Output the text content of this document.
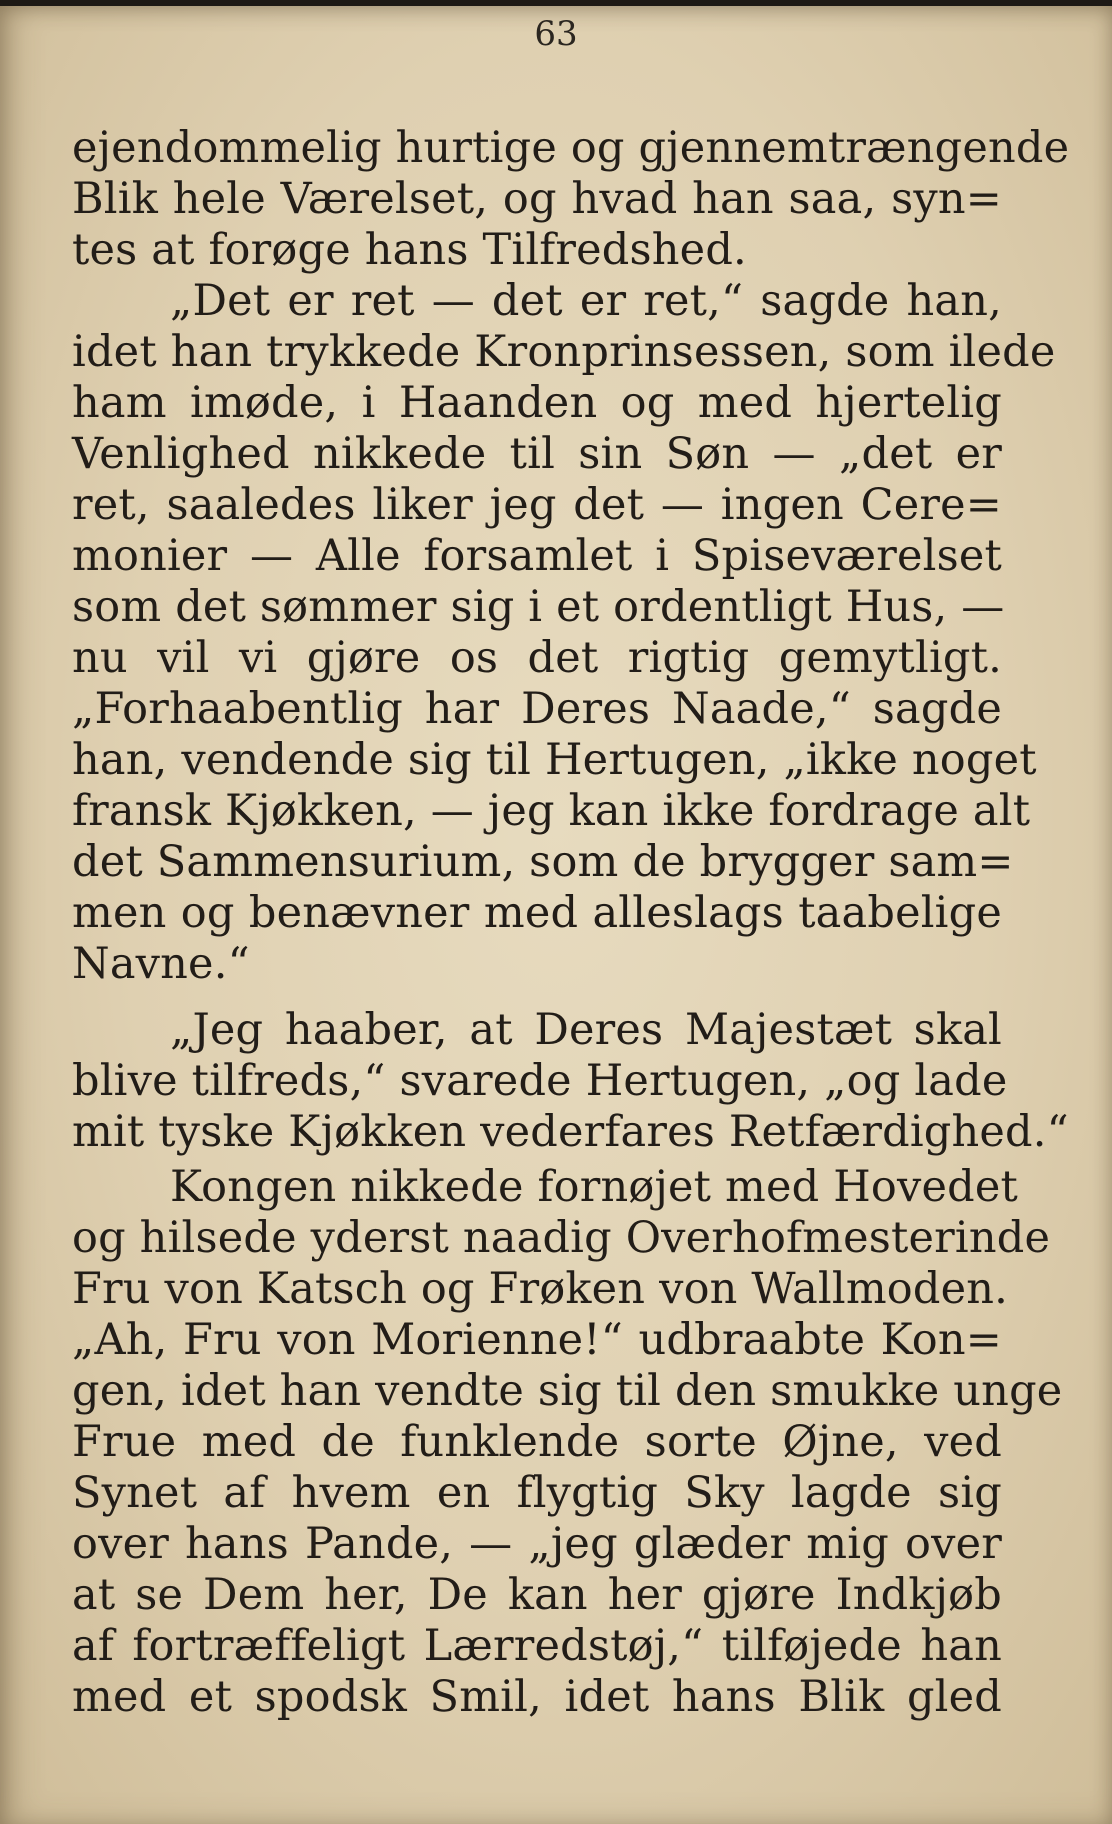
63
ejendommelig hurtige og gjennemtrængende
Blik hele Værelset, og hvad han saa, syn=
tes at forøge hans Tilfredshed.
„Det er ret — det er ret,“ sagde han,
idet han trykkede Kronprinsessen, som ilede
ham imøde, i Haanden og med hjertelig
Venlighed nikkede til sin Søn — „det er
ret, saaledes liker jeg det — ingen Cere=
monier — Alle forsamlet i Spiseværelset
som det sømmer sig i et ordentligt Hus, —
nu vil vi gjøre os det rigtig gemytligt.
„Forhaabentlig har Deres Naade,“ sagde
han, vendende sig til Hertugen, „ikke noget
fransk Kjøkken, — jeg kan ikke fordrage alt
det Sammensurium, som de brygger sam=
men og benævner med alleslags taabelige
Navne.“
„Jeg haaber, at Deres Majestæt skal
blive tilfreds,“ svarede Hertugen, „og lade
mit tyske Kjøkken vederfares Retfærdighed.“
Kongen nikkede fornøjet med Hovedet
og hilsede yderst naadig Overhofmesterinde
Fru von Katsch og Frøken von Wallmoden.
„Ah, Fru von Morienne!“ udbraabte Kon=
gen, idet han vendte sig til den smukke unge
Frue med de funklende sorte Øjne, ved
Synet af hvem en flygtig Sky lagde sig
over hans Pande, — „jeg glæder mig over
at se Dem her, De kan her gjøre Indkjøb
af fortræffeligt Lærredstøj,“ tilføjede han
med et spodsk Smil, idet hans Blik gled
